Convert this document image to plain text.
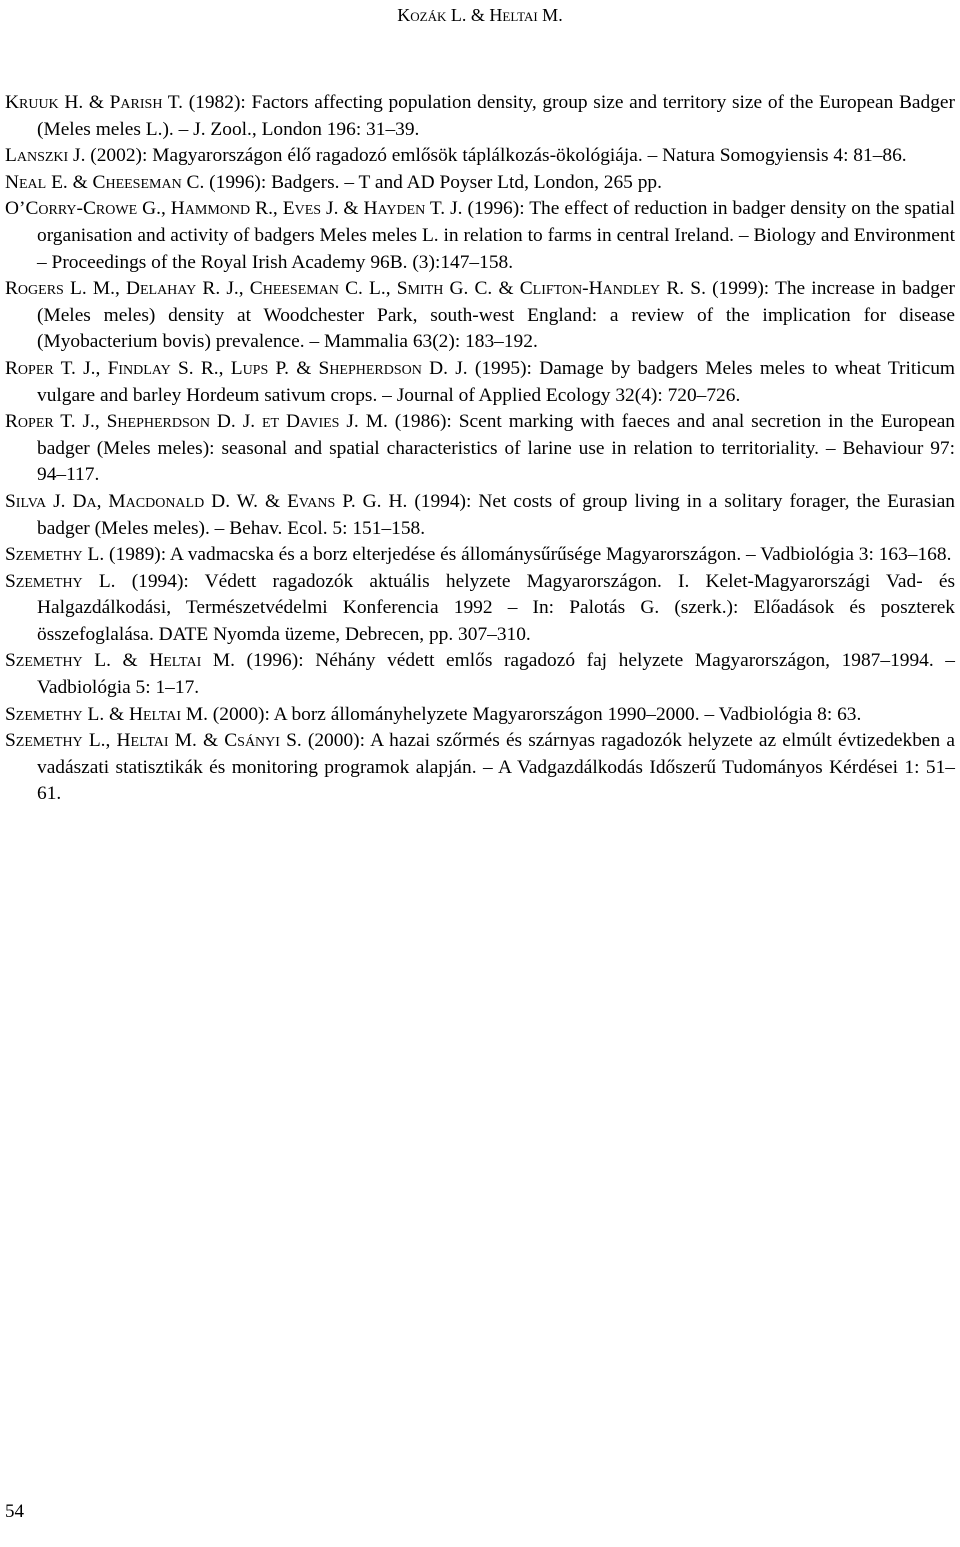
Kozák L. & Heltai M.
Kruuk H. & Parish T. (1982): Factors affecting population density, group size and territory size of the European Badger (Meles meles L.). – J. Zool., London 196: 31–39.
Lanszki J. (2002): Magyarországon élő ragadozó emlősök táplálkozás-ökológiája. – Natura Somogyiensis 4: 81–86.
Neal E. & Cheeseman C. (1996): Badgers. – T and AD Poyser Ltd, London, 265 pp.
O’Corry-Crowe G., Hammond R., Eves J. & Hayden T. J. (1996): The effect of reduction in badger density on the spatial organisation and activity of badgers Meles meles L. in relation to farms in central Ireland. – Biology and Environment – Proceedings of the Royal Irish Academy 96B. (3):147–158.
Rogers L. M., Delahay R. J., Cheeseman C. L., Smith G. C. & Clifton-Handley R. S. (1999): The increase in badger (Meles meles) density at Woodchester Park, south-west England: a review of the implication for disease (Myobacterium bovis) prevalence. – Mammalia 63(2): 183–192.
Roper T. J., Findlay S. R., Lups P. & Shepherdson D. J. (1995): Damage by badgers Meles meles to wheat Triticum vulgare and barley Hordeum sativum crops. – Journal of Applied Ecology 32(4): 720–726.
Roper T. J., Shepherdson D. J. et Davies J. M. (1986): Scent marking with faeces and anal secretion in the European badger (Meles meles): seasonal and spatial characteristics of larine use in relation to territoriality. – Behaviour 97: 94–117.
Silva J. Da, Macdonald D. W. & Evans P. G. H. (1994): Net costs of group living in a solitary forager, the Eurasian badger (Meles meles). – Behav. Ecol. 5: 151–158.
Szemethy L. (1989): A vadmacska és a borz elterjedése és állománysűrűsége Magyarországon. – Vadbiológia 3: 163–168.
Szemethy L. (1994): Védett ragadozók aktuális helyzete Magyarországon. I. Kelet-Magyarországi Vad- és Halgazdálkodási, Természetvédelmi Konferencia 1992 – In: Palotás G. (szerk.): Előadások és poszterek összefoglalása. DATE Nyomda üzeme, Debrecen, pp. 307–310.
Szemethy L. & Heltai M. (1996): Néhány védett emlős ragadozó faj helyzete Magyarországon, 1987–1994. – Vadbiológia 5: 1–17.
Szemethy L. & Heltai M. (2000): A borz állományhelyzete Magyarországon 1990–2000. – Vadbiológia 8: 63.
Szemethy L., Heltai M. & Csányi S. (2000): A hazai szőrmés és szárnyas ragadozók helyzete az elmúlt évtizedekben a vadászati statisztikák és monitoring programok alapján. – A Vadgazdálkodás Időszerű Tudományos Kérdései 1: 51–61.
54
